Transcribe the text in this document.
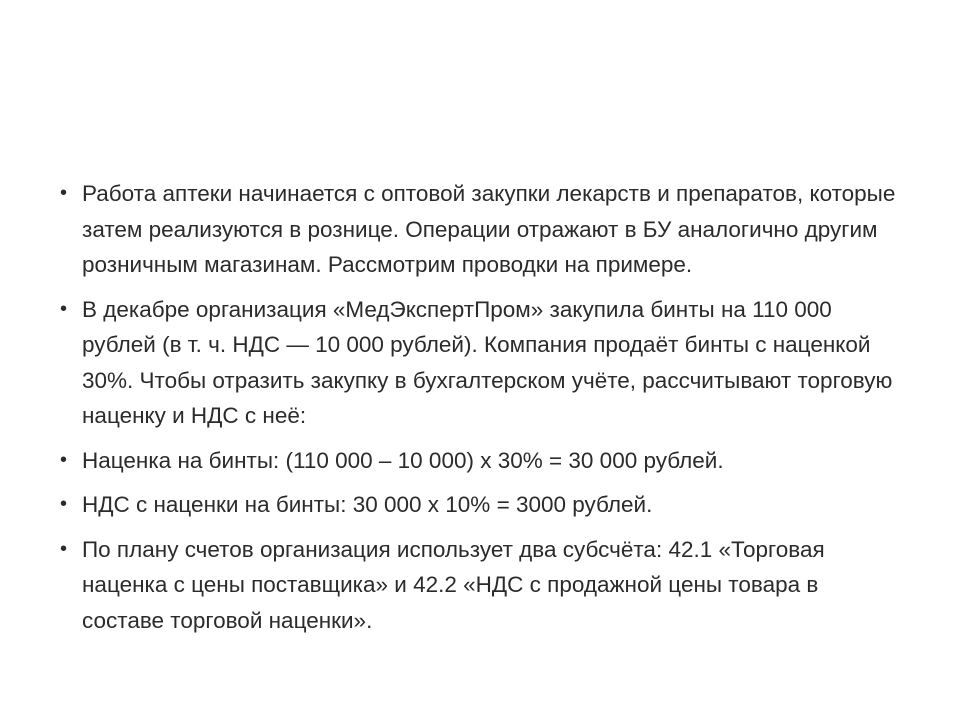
• Работа аптеки начинается с оптовой закупки лекарств и препаратов, которые затем реализуются в рознице. Операции отражают в БУ аналогично другим розничным магазинам. Рассмотрим проводки на примере.
• В декабре организация «МедЭкспертПром» закупила бинты на 110 000 рублей (в т. ч. НДС — 10 000 рублей). Компания продаёт бинты с наценкой 30%. Чтобы отразить закупку в бухгалтерском учёте, рассчитывают торговую наценку и НДС с неё:
• Наценка на бинты: (110 000 – 10 000) х 30% = 30 000 рублей.
• НДС с наценки на бинты: 30 000 х 10% = 3000 рублей.
• По плану счетов организация использует два субсчёта: 42.1 «Торговая наценка с цены поставщика» и 42.2 «НДС с продажной цены товара в составе торговой наценки».
